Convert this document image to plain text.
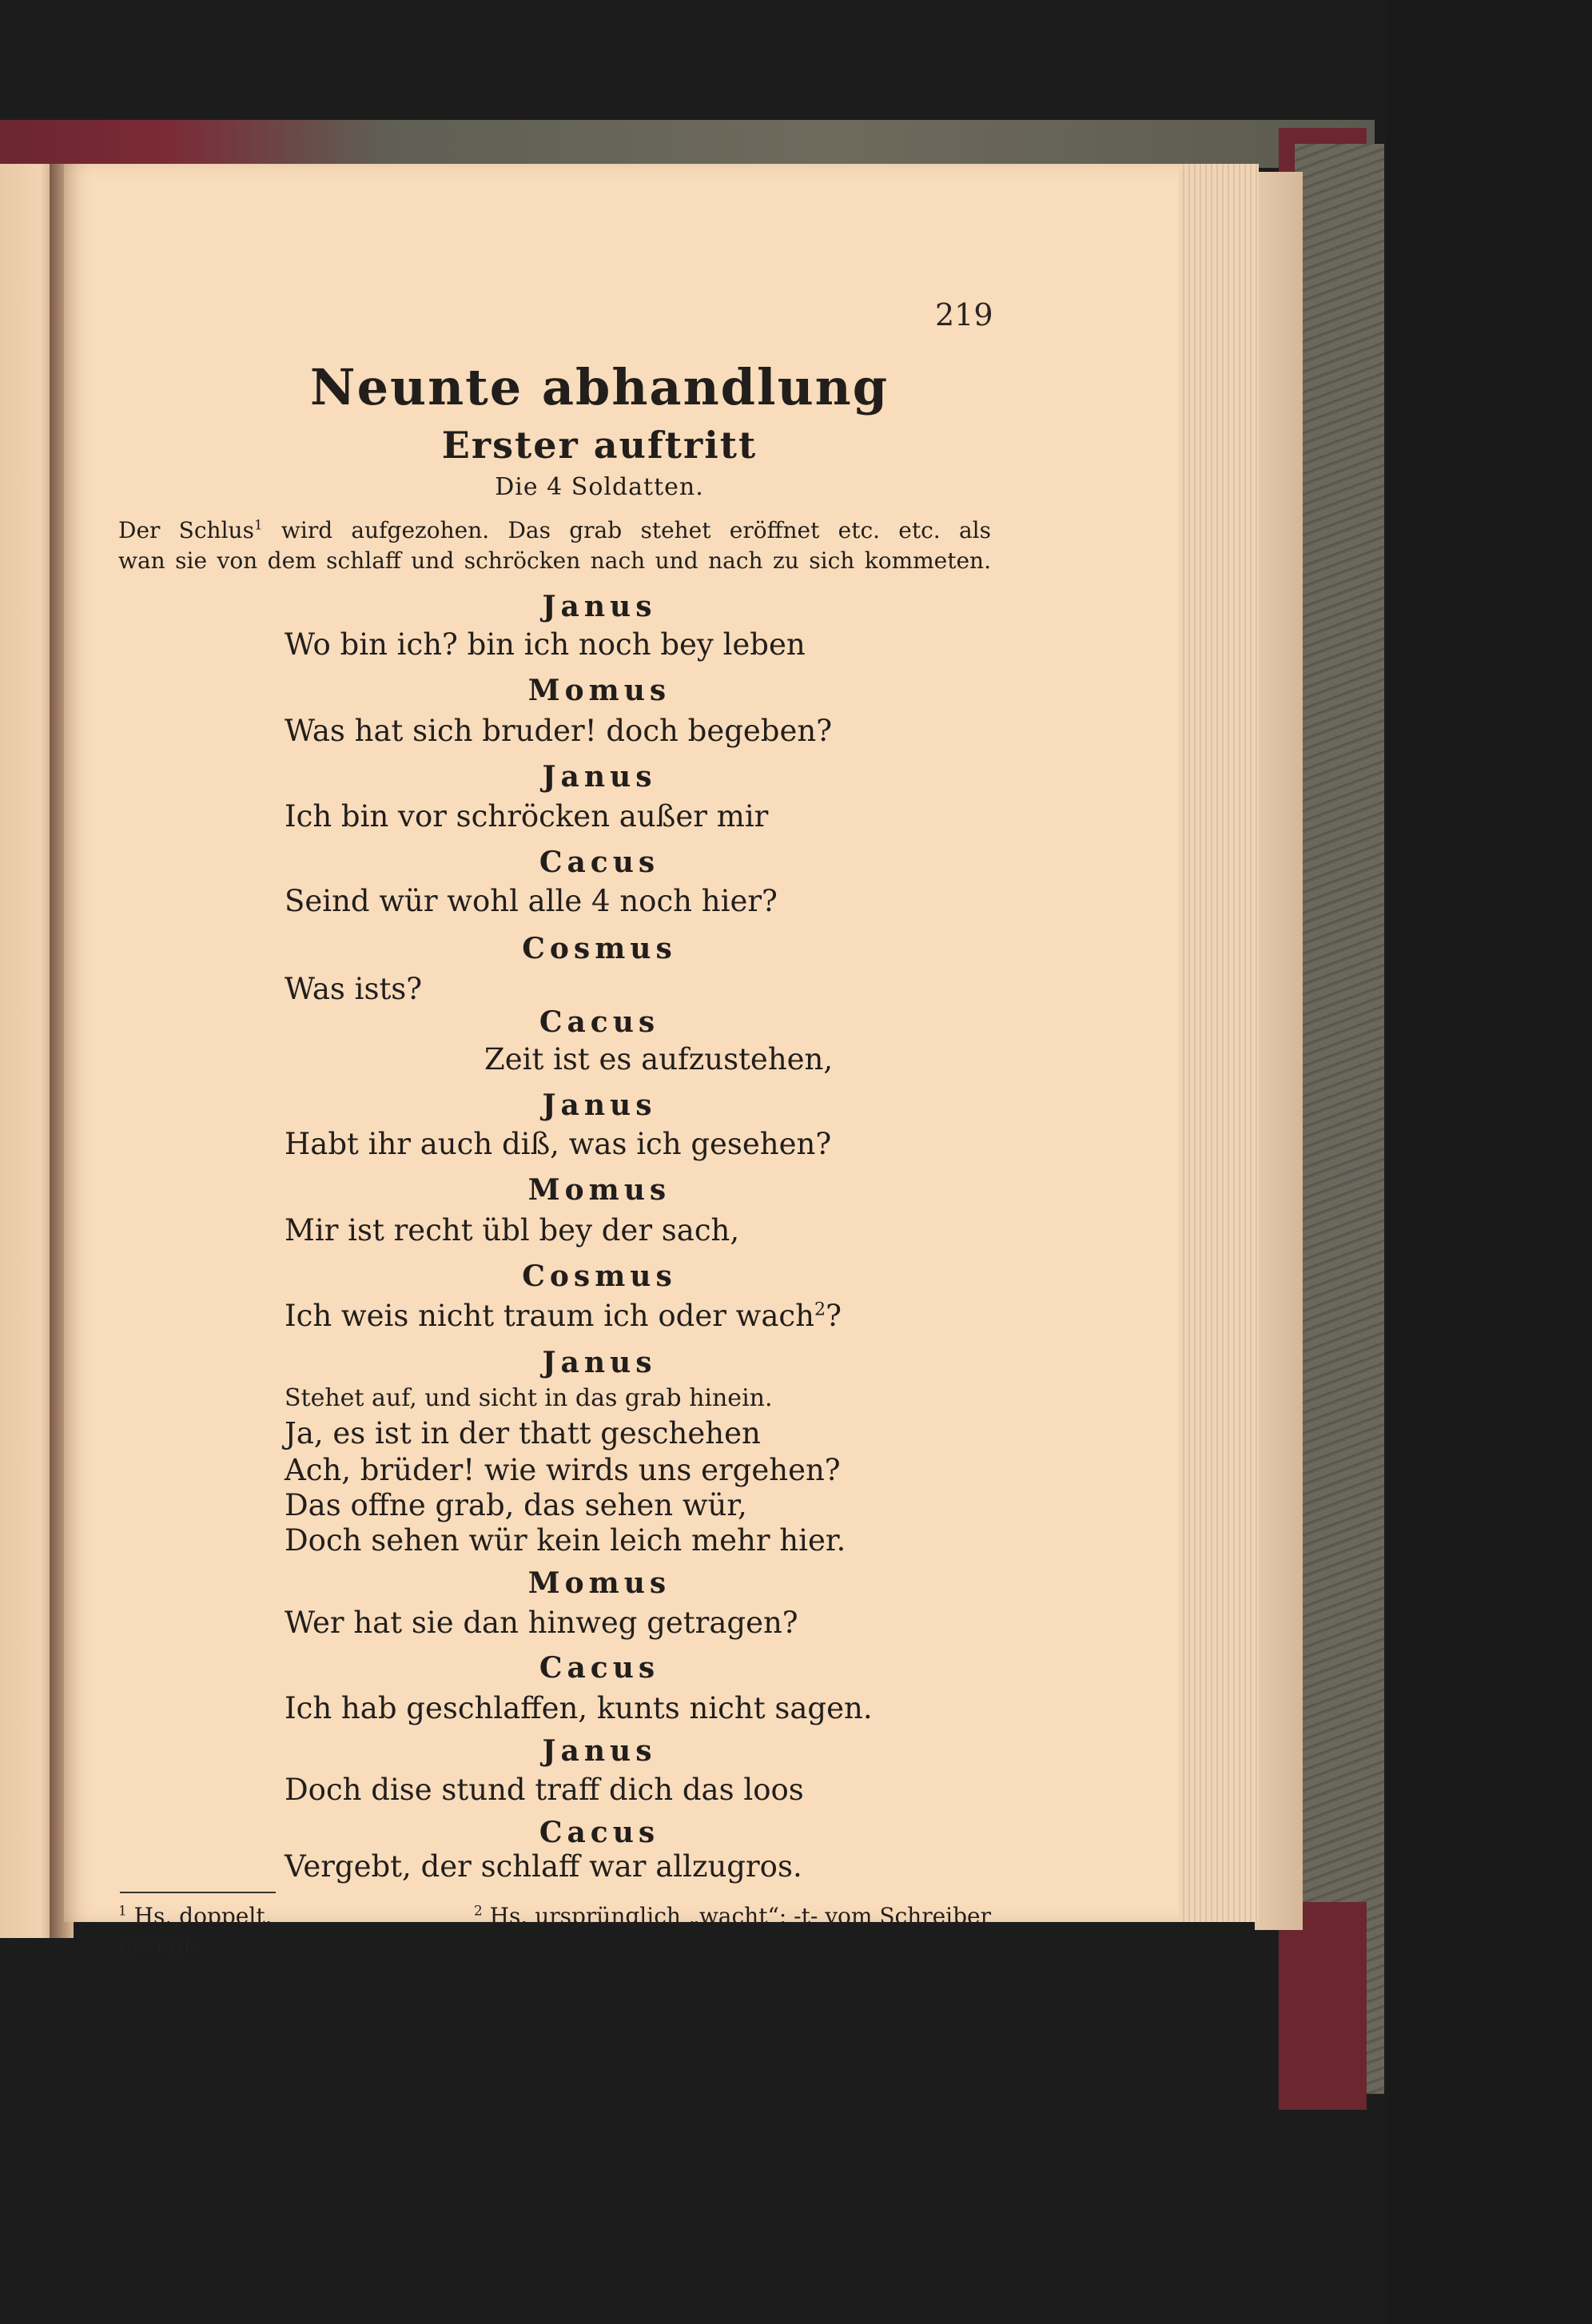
219
Neunte abhandlung
Erster auftritt
Die 4 Soldatten.
Der Schlus$^1$ wird aufgezohen. Das grab stehet eröffnet etc. etc. als
wan sie von dem schlaff und schröcken nach und nach zu sich kommeten.
Janus
Wo bin ich? bin ich noch bey leben
Momus
Was hat sich bruder! doch begeben?
Janus
Ich bin vor schröcken außer mir
Cacus
Seind wür wohl alle 4 noch hier?
Cosmus
Was ists?
Cacus
Zeit ist es aufzustehen,
Janus
Habt ihr auch diß, was ich gesehen?
Momus
Mir ist recht übl bey der sach,
Cosmus
Ich weis nicht traum ich oder wach$^2$?
Janus
Stehet auf, und sicht in das grab hinein.
Ja, es ist in der thatt geschehen
Ach, brüder! wie wirds uns ergehen?
Das offne grab, das sehen wür,
Doch sehen wür kein leich mehr hier.
Momus
Wer hat sie dan hinweg getragen?
Cacus
Ich hab geschlaffen, kunts nicht sagen.
Janus
Doch dise stund traff dich das loos
Cacus
Vergebt, der schlaff war allzugros.
$^1$ Hs. doppelt.	$^2$ Hs. ursprünglich „wacht“; -t- vom Schreiber
getilgt.
